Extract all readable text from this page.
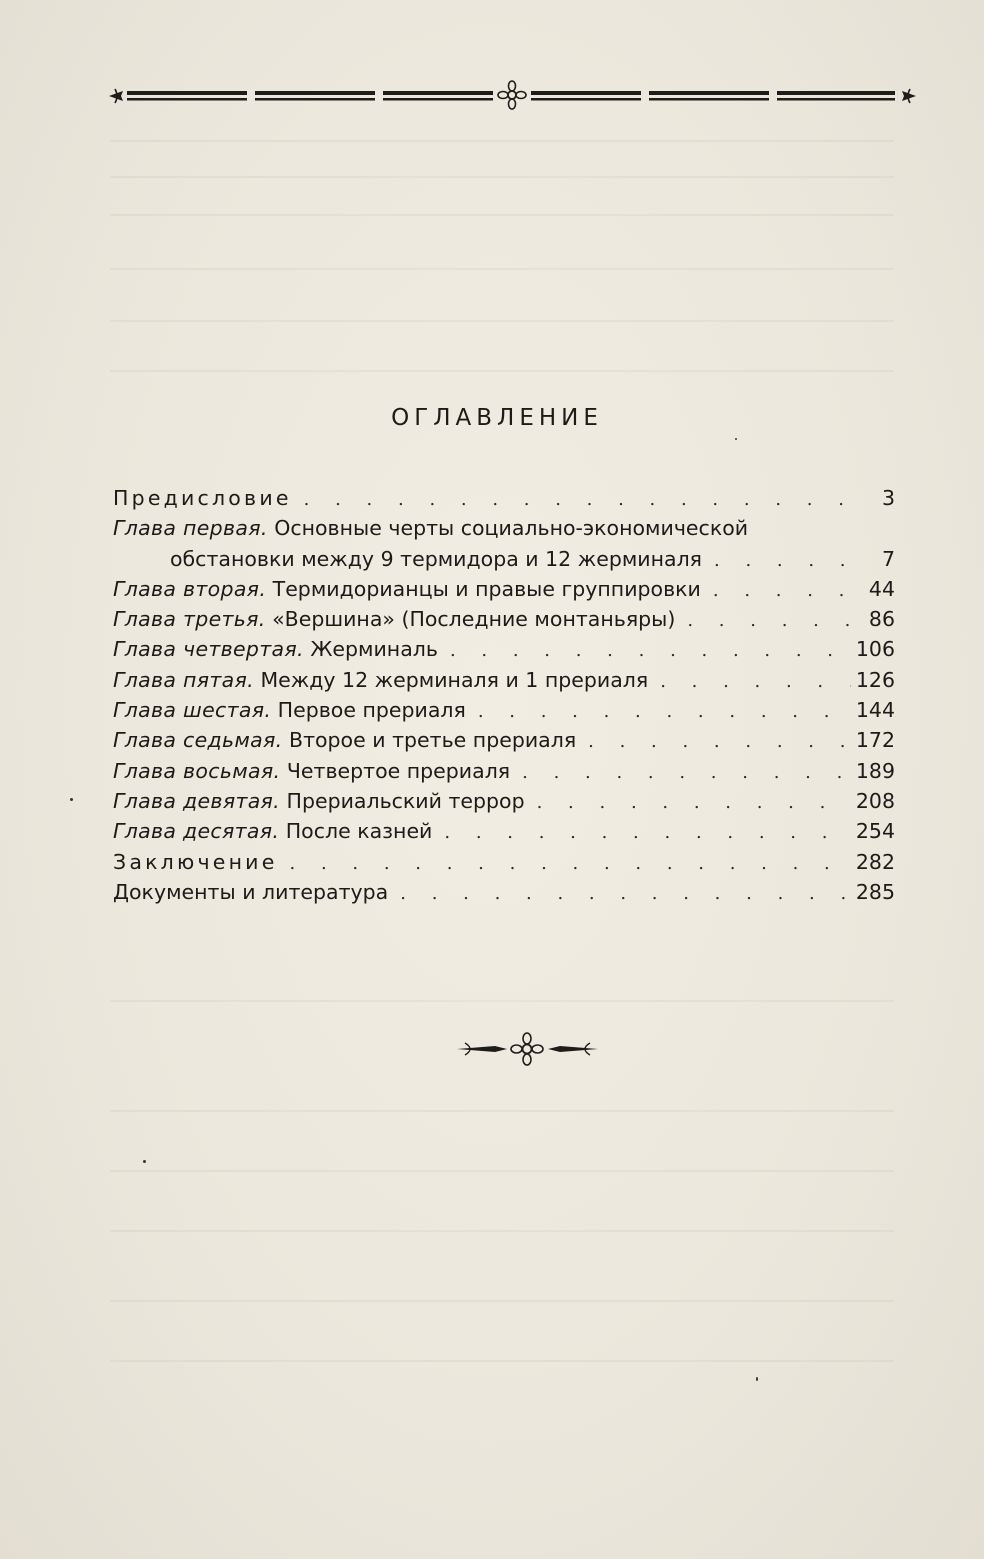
ОГЛАВЛЕНИЕ
Предисловие . . .	3
Глава первая. Основные черты социально-экономической
обстановки между 9 термидора и 12 жерминаля . . .	7
Глава вторая. Термидорианцы и правые группировки . . .	44
Глава третья. «Вершина» (Последние монтаньяры) . . .	86
Глава четвертая. Жерминаль . . .	106
Глава пятая. Между 12 жерминаля и 1 прериаля . . .	126
Глава шестая. Первое прериаля . . .	144
Глава седьмая. Второе и третье прериаля . . .	172
Глава восьмая. Четвертое прериаля . . .	189
Глава девятая. Прериальский террор . . .	208
Глава десятая. После казней . . .	254
Заключение . . .	282
Документы и литература . . .	285
